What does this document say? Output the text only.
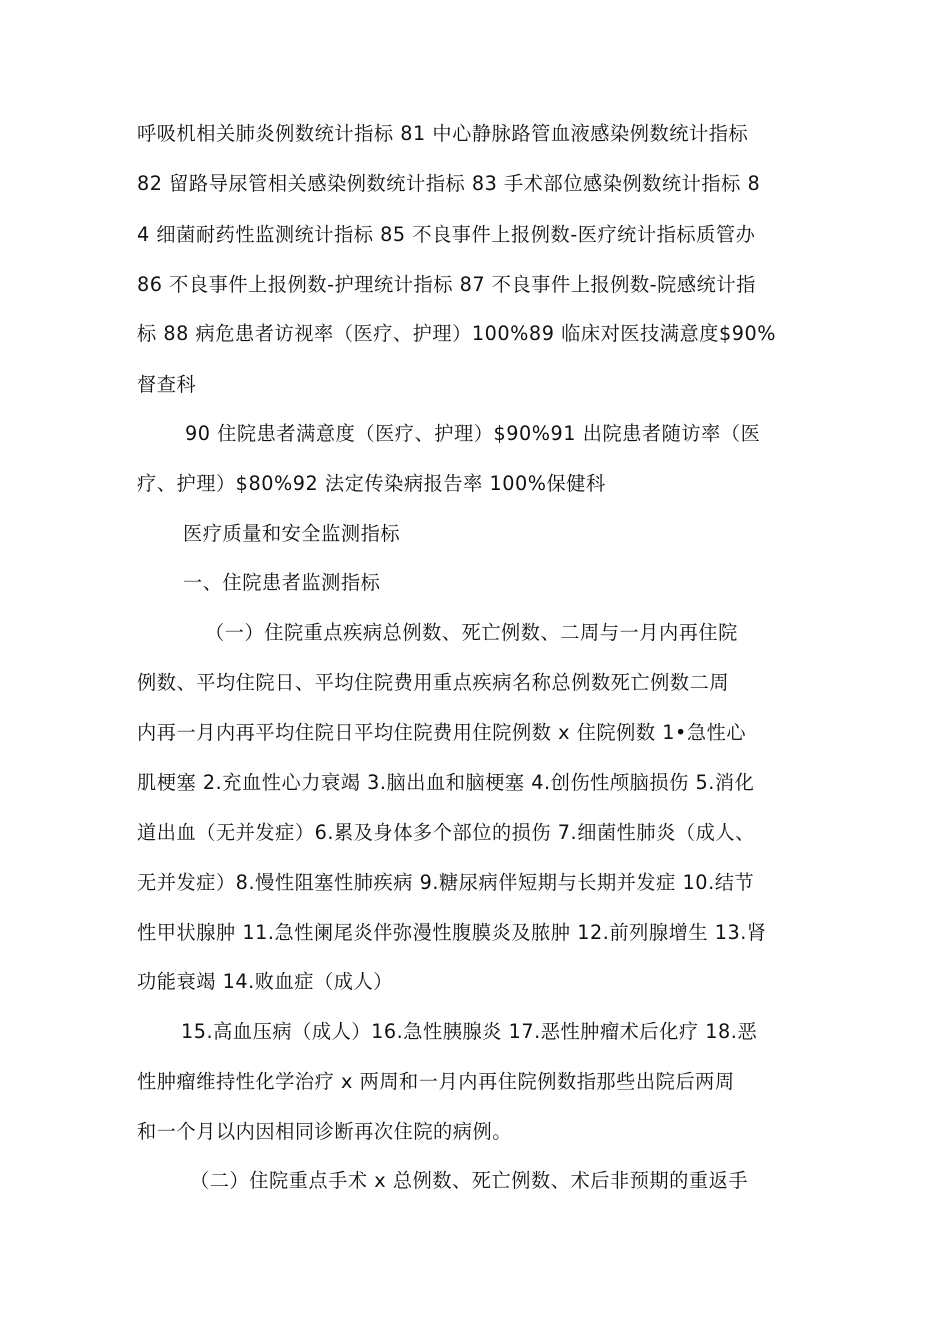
呼吸机相关肺炎例数统计指标 81 中心静脉路管血液感染例数统计指标
82 留路导尿管相关感染例数统计指标 83 手术部位感染例数统计指标 8
4 细菌耐药性监测统计指标 85 不良事件上报例数-医疗统计指标质管办
86 不良事件上报例数-护理统计指标 87 不良事件上报例数-院感统计指
标 88 病危患者访视率（医疗、护理）100%89 临床对医技满意度$90%
督查科
90 住院患者满意度（医疗、护理）$90%91 出院患者随访率（医
疗、护理）$80%92 法定传染病报告率 100%保健科
医疗质量和安全监测指标
一、住院患者监测指标
（一）住院重点疾病总例数、死亡例数、二周与一月内再住院
例数、平均住院日、平均住院费用重点疾病名称总例数死亡例数二周
内再一月内再平均住院日平均住院费用住院例数 x 住院例数 1•急性心
肌梗塞 2.充血性心力衰竭 3.脑出血和脑梗塞 4.创伤性颅脑损伤 5.消化
道出血（无并发症）6.累及身体多个部位的损伤 7.细菌性肺炎（成人、
无并发症）8.慢性阻塞性肺疾病 9.糖尿病伴短期与长期并发症 10.结节
性甲状腺肿 11.急性阑尾炎伴弥漫性腹膜炎及脓肿 12.前列腺增生 13.肾
功能衰竭 14.败血症（成人）
15.高血压病（成人）16.急性胰腺炎 17.恶性肿瘤术后化疗 18.恶
性肿瘤维持性化学治疗 x 两周和一月内再住院例数指那些出院后两周
和一个月以内因相同诊断再次住院的病例。
（二）住院重点手术 x 总例数、死亡例数、术后非预期的重返手
